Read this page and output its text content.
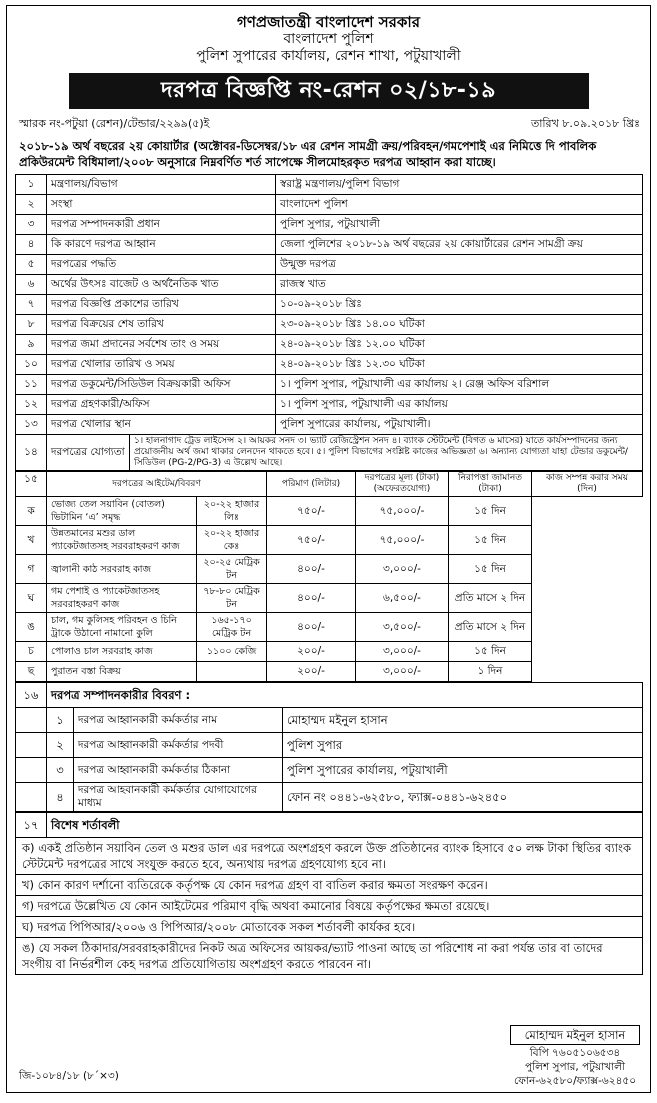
গণপ্রজাতন্ত্রী বাংলাদেশ সরকার
বাংলাদেশ পুলিশ
পুলিশ সুপারের কার্যালয়, রেশন শাখা, পটুয়াখালী
দরপত্র বিজ্ঞপ্তি নং-রেশন ০২/১৮-১৯
স্মারক নং-পটুয়া (রেশন)/টেন্ডার/২২৯৯(৫)ই	তারিখ ৮.০৯.২০১৮ খ্রিঃ
২০১৮-১৯ অর্থ বছরের ২য় কোয়ার্টার (অক্টোবর-ডিসেম্বর/১৮ এর রেশন সামগ্রী ক্রয়/পরিবহন/গমপেশাই এর নিমিত্তে দি পাবলিক প্রকিউরমেন্ট বিধিমালা/২০০৮ অনুসারে নিম্নবর্ণিত শর্ত সাপেক্ষে সীলমোহরকৃত দরপত্র আহ্বান করা যাচ্ছে।
১	মন্ত্রণালয়/বিভাগ	স্বরাষ্ট্র মন্ত্রণালয়/পুলিশ বিভাগ
২	সংস্থা	বাংলাদেশ পুলিশ
৩	দরপত্র সম্পাদনকারী প্রধান	পুলিশ সুপার, পটুয়াখালী
৪	কি কারণে দরপত্র আহ্বান	জেলা পুলিশের ২০১৮-১৯ অর্থ বছরের ২য় কোয়ার্টারের রেশন সামগ্রী ক্রয়
৫	দরপত্রের পদ্ধতি	উন্মুক্ত দরপত্র
৬	অর্থের উৎসঃ বাজেট ও অর্থনৈতিক খাত	রাজস্ব খাত
৭	দরপত্র বিজ্ঞপ্তি প্রকাশের তারিখ	১০-০৯-২০১৮ খ্রিঃ
৮	দরপত্র বিক্রয়ের শেষ তারিখ	২৩-০৯-২০১৮ খ্রিঃ ১৪.০০ ঘটিকা
৯	দরপত্র জমা প্রদানের সর্বশেষ তাং ও সময়	২৪-০৯-২০১৮ খ্রিঃ ১২.০০ ঘটিকা
১০	দরপত্র খোলার তারিখ ও সময়	২৪-০৯-২০১৮ খ্রিঃ ১২.৩০ ঘটিকা
১১	দরপত্র ডকুমেন্ট/সিডিউল বিক্রয়কারী অফিস	১। পুলিশ সুপার, পটুয়াখালী এর কার্যালয় ২। রেঞ্জ অফিস বরিশাল
১২	দরপত্র গ্রহণকারী/অফিস	১। পুলিশ সুপার, পটুয়াখালী এর কার্যালয়
১৩	দরপত্র খোলার স্থান	পুলিশ সুপারের কার্যালয়, পটুয়াখালী।
১৪	দরপত্রের যোগ্যতা	১। হালনাগাদ ট্রেড লাইসেন্স ২। আয়কর সনদ ৩। ভ্যাট রেজিস্ট্রেশন সনদ ৪। ব্যাংক স্টেটমেন্ট (বিগত ৬ মাসের) যাতে কার্যসম্পাদনের জন্য প্রয়োজনীয় অর্থ জমা থাকার লেনদেন থাকতে হবে। ৫। পুলিশ বিভাগের সংশ্লিষ্ট কাজের অভিজ্ঞতা ৬। অন্যান্য যোগ্যতা যাহা টেন্ডার ডকুমেন্ট/সিডিউল (PG-2/PG-3) এ উল্লেখ আছে।
১৫	দরপত্রের আইটেম/বিবরণ		পরিমাণ (লিটার)	দরপত্রের মূল্য (টাকা) (অফেরতযোগ্য)	নিরাপত্তা জামানত (টাকা)	কাজ সম্পন্ন করার সময় (দিন)
ক	ভোজ্য তেল সয়াবিন (বোতল) ভিটামিন ‘এ’ সমৃদ্ধ	২০-২২ হাজার লিঃ	৭৫০/-	৭৫,০০০/-	১৫ দিন	
খ	উন্নতমানের মশুর ডাল প্যাকেটজাতসহ সরবরাহকরণ কাজ	২০-২২ হাজার কেঃ	৭৫০/-	৭৫,০০০/-	১৫ দিন	
গ	জ্বালানী কাঠ সরবরাহ কাজ	২০-২৫ মেট্রিক টন	৪০০/-	৩,০০০/-	১৫ দিন	
ঘ	গম পেশাই ও প্যাকেটজাতসহ সরবরাহকরণ কাজ	৭৮-৮০ মেট্রিক টন	৪০০/-	৬,৫০০/-	প্রতি মাসে ২ দিন	
ঙ	চাল, গম কুলিসহ পরিবহন ও চিনি ট্রাকে উঠানো নামানো কুলি	১৬৫-১৭০ মেট্রিক টন	৪০০/-	৩,৫০০/-	প্রতি মাসে ২ দিন	
চ	পোলাও চাল সরবরাহ কাজ	১১০০ কেজি	২০০/-	৩,০০০/-	১৫ দিন	
ছ	পুরাতন বস্তা বিক্রয়		২০০/-	৩,০০০/-	১ দিন	
১৬	দরপত্র সম্পাদনকারীর বিবরণ :		
	১	দরপত্র আহ্বানকারী কর্মকর্তার নাম	মোহাম্মদ মইনুল হাসান
	২	দরপত্র আহ্বানকারী কর্মকর্তার পদবী	পুলিশ সুপার
	৩	দরপত্র আহ্বানকারী কর্মকর্তার ঠিকানা	পুলিশ সুপারের কার্যালয়, পটুয়াখালী
	৪	দরপত্র আহবানকারী কর্মকর্তার যোগাযোগের মাধ্যম	ফোন নং ০৪৪১-৬২৫৮০, ফ্যাক্স-০৪৪১-৬২৪৫০
১৭	বিশেষ শর্তাবলী
ক) একই প্রতিষ্ঠান সয়াবিন তেল ও মশুর ডাল এর দরপত্রে অংশগ্রহণ করলে উক্ত প্রতিষ্ঠানের ব্যাংক হিসাবে ৫০ লক্ষ টাকা স্থিতির ব্যাংক স্টেটমেন্ট দরপত্রের সাথে সংযুক্ত করতে হবে, অন্যথায় দরপত্র গ্রহণযোগ্য হবে না।
খ) কোন কারণ দর্শানো ব্যতিরেকে কর্তৃপক্ষ যে কোন দরপত্র গ্রহণ বা বাতিল করার ক্ষমতা সংরক্ষণ করেন।
গ) দরপত্রে উল্লেখিত যে কোন আইটেমের পরিমাণ বৃদ্ধি অথবা কমানোর বিষয়ে কর্তৃপক্ষের ক্ষমতা রয়েছে।
ঘ) দরপত্র পিপিআর/২০০৬ ও পিপিআর/২০০৮ মোতাবেক সকল শর্তাবলী কার্যকর হবে।
ঙ) যে সকল ঠিকাদার/সরবরাহকারীদের নিকট অত্র অফিসের আয়কর/ভ্যাট পাওনা আছে তা পরিশোধ না করা পর্যন্ত তার বা তাদের সংগীয় বা নির্ভরশীল কেহ দরপত্র প্রতিযোগিতায় অংশগ্রহণ করতে পারবেন না।
জি-১০৮৪/১৮ (৮´×৩)
মোহাম্মদ মইনুল হাসান
বিপি ৭৬০৫১০৬৫৩৪
পুলিশ সুপার, পটুয়াখালী
ফোন-৬২৫৮০/ফ্যাক্স-৬২৪৫০
